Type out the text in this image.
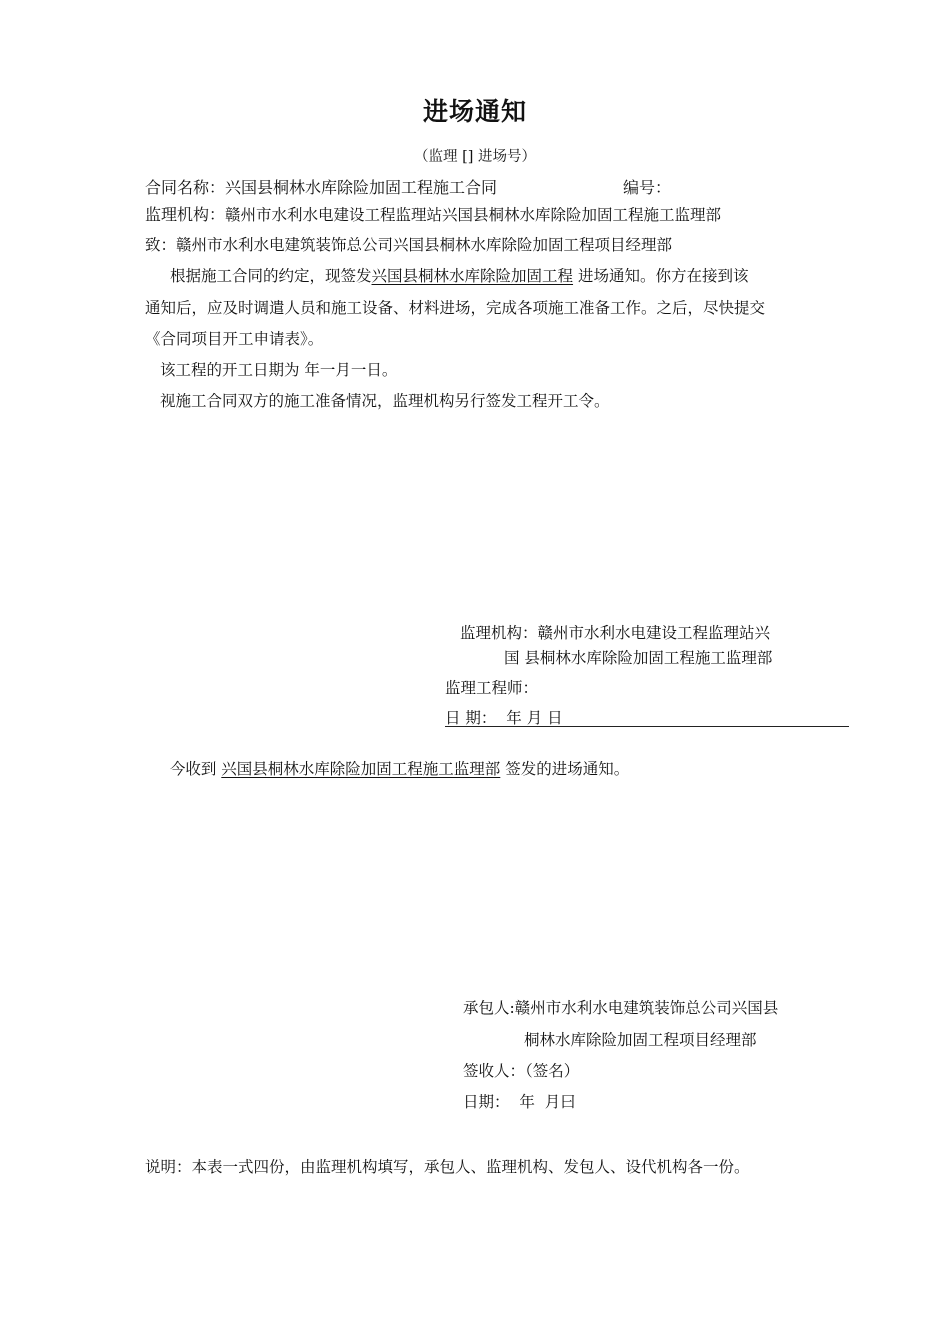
进场通知
（监理 [] 进场号）
合同名称：兴国县桐林水库除险加固工程施工合同	编号：
监理机构：赣州市水利水电建设工程监理站兴国县桐林水库除险加固工程施工监理部
致：赣州市水利水电建筑装饰总公司兴国县桐林水库除险加固工程项目经理部
根据施工合同的约定，现签发兴国县桐林水库除险加固工程 进场通知。你方在接到该
通知后，应及时调遣人员和施工设备、材料进场，完成各项施工准备工作。之后，尽快提交
《合同项目开工申请表》。
该工程的开工日期为 年一月一日。
视施工合同双方的施工准备情况，监理机构另行签发工程开工令。
监理机构：赣州市水利水电建设工程监理站兴
国 县桐林水库除险加固工程施工监理部
监理工程师：
日 期：  年 月 日

今收到 兴国县桐林水库除险加固工程施工监理部 签发的进场通知。

承包人:赣州市水利水电建筑装饰总公司兴国县
桐林水库除险加固工程项目经理部
签收人：（签名）
日期：  年  月曰
说明：本表一式四份，由监理机构填写，承包人、监理机构、发包人、设代机构各一份。
